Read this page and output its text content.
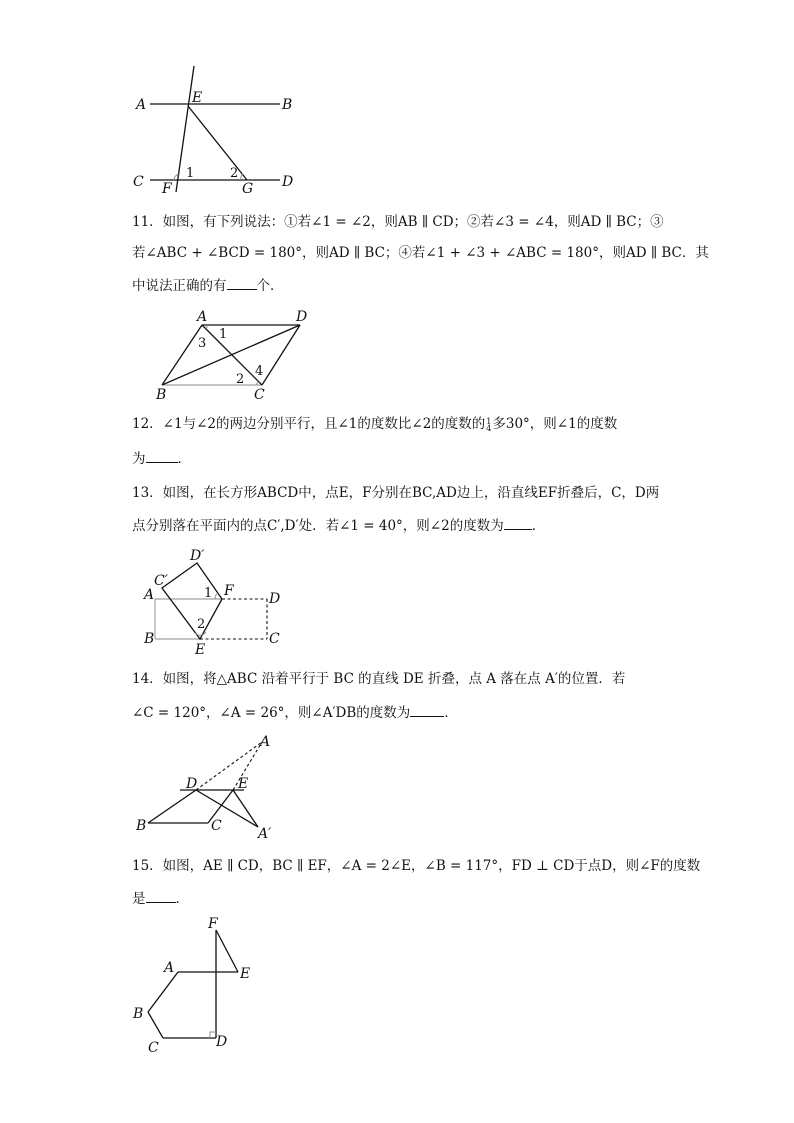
A	E	B
C F
1	2
G D
11．如图，有下列说法：①若∠1 = ∠2，则AB ∥ CD；②若∠3 = ∠4，则AD ∥ BC；③
若∠ABC + ∠BCD = 180°，则AD ∥ BC；④若∠1 + ∠3 + ∠ABC = 180°，则AD ∥ BC．其
中说法正确的有 个．
A	D
1
3
2
4
B	C
12．∠1与∠2的两边分别平行，且∠1的度数比∠2的度数的 1
4 多30°，则∠1的度数
为 ．
13．如图，在长方形ABCD中，点E，F分别在BC,AD边上，沿直线EF折叠后，C，D两
点分别落在平面内的点C′,D′处．若∠1 = 40°，则∠2的度数为 ．
D′
C′
A	1 F	D
2
B	C
E
14．如图，将△ABC 沿着平行于 BC 的直线 DE 折叠，点 A 落在点 A′的位置．若
∠C = 120°，∠A = 26°，则∠A′DB的度数为	．
A
D	E
B	C	A′
15．如图，AE ∥ CD，BC ∥ EF，∠A = 2∠E，∠B = 117°，FD ⊥ CD于点D，则∠F的度数
是 ．
F
A	E
B
C	D
